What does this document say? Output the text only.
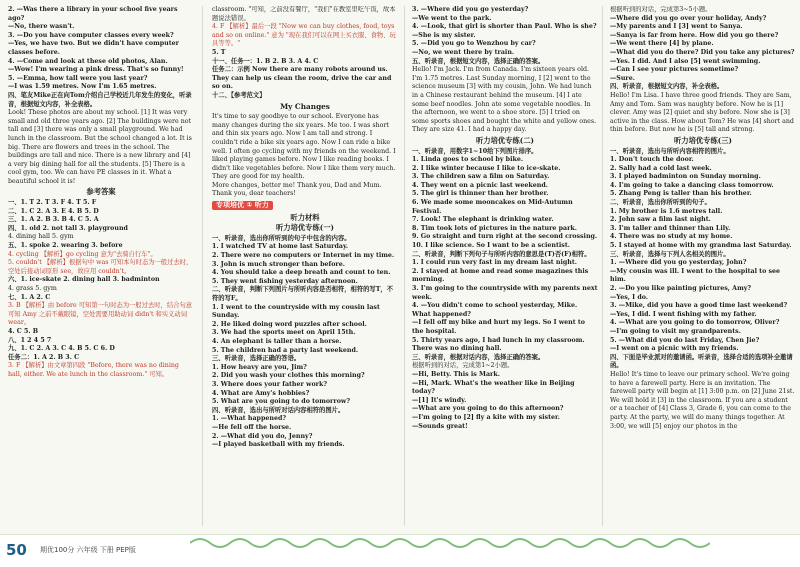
2. —Was there a library in your school five years ago?
—No, there wasn't.
3. —Do you have computer classes every week?
—Yes, we have two. But we didn't have computer classes before.
4. —Come and look at these old photos, Alan.
—Wow! I'm wearing a pink dress. That's so funny!
5. —Emma, how tall were you last year?
—I was 1.59 metres. Now I'm 1.65 metres.
四、笔友Mike正在向Tom介绍自己学校近几年发生的变化，听录音，根据短文内容，补全表格。
Look! These photos are about my school. [1] It was very small and old three years ago. [2] The buildings were not tall and [3] there was only a small playground. We had lunch in the classroom. But the school changed a lot. It is big. There are flowers and trees in the school. The buildings are tall and nice. There is a new library and [4] a very big dining hall for all the students. [5] There is a cool gym, too. We can have PE classes in it. What a beautiful school it is!
参考答案
一、1. T 2. T 3. F 4. T 5. F
二、1. C 2. A 3. E 4. B 5. D
三、1. A 2. B 3. B 4. C 5. A
四、1. old 2. not tall 3. playground
4. dining hall 5. gym
五、1. spoke 2. wearing 3. before
4. cycling 【解析】go cycling 意为"去骑自行车"。
5. couldn't 【解析】根据句中 was 可知本句时态为一般过去时，空处后接动词原形 see，故应用 couldn't。
六、1. ice-skate 2. dining hall 3. badminton
4. grass 5. gym
七、1. A 2. C
3. B 【解析】由 before 可知第一句时态为一般过去时，结合句意可知 Amy 之前不戴眼镜，空处需要用助动词 didn't 和实义动词 wear。
4. C 5. B
八、1 2 4 5 7
九、1. C 2. A 3. C 4. B 5. C 6. D
任务二：1. A 2. B 3. C
3. F 【解析】由文章第四段 "Before, there was no dining hall, either. We ate lunch in the classroom." 可知。
classroom. "可知，之前没有餐厅，"我们"在教室里吃午饭，故本题说法错误。
4. F 【解析】最后一段 "Now we can buy clothes, food, toys and so on online." 意为 "现在我们可以在网上买衣服、食物、玩具等等。"
5. T
十一、任务一：1. B 2. B 3. A 4. C
任务二：示例 Now there are many robots around us. They can help us clean the room, drive the car and so on.
十二、【参考范文】
My Changes
It's time to say goodbye to our school. Everyone has many changes during the six years. Me too. I was short and thin six years ago. Now I am tall and strong. I couldn't ride a bike six years ago. Now I can ride a bike well. I often go cycling with my friends on the weekend. I liked playing games before. Now I like reading books. I didn't like vegetables before. Now I like them very much. They are good for my health.
More changes, better me! Thank you, Dad and Mum. Thank you, dear teachers!
专项培优 ① 听力
听力材料
听力培优专练(一)
一、听录音，选出你所听到的句子中包含的内容。
1. I watched TV at home last Saturday.
2. There were no computers or Internet in my time.
3. John is much stronger than before.
4. You should take a deep breath and count to ten.
5. They went fishing yesterday afternoon.
二、听录音，判断下列图片与所听内容是否相符，相符的写T，不符的写F。
1. I went to the countryside with my cousin last Sunday.
2. He liked doing word puzzles after school.
3. We had the sports meet on April 15th.
4. An elephant is taller than a horse.
5. The children had a party last weekend.
三、听录音，选择正确的答语。
1. How heavy are you, Jim?
2. Did you wash your clothes this morning?
3. Where does your father work?
4. What are Amy's hobbies?
5. What are you going to do tomorrow?
四、听录音，选出与所听对话内容相符的图片。
1. —What happened?
—He fell off the horse.
2. —What did you do, Jenny?
—I played basketball with my friends.
3. —Where did you go yesterday?
—We went to the park.
4. —Look, that girl is shorter than Paul. Who is she?
—She is my sister.
5. —Did you go to Wenzhou by car?
—No, we went there by train.
五、听录音，根据短文内容，选择正确的答案。
Hello! I'm Jack. I'm from Canada. I'm sixteen years old. I'm 1.75 metres. Last Sunday morning, I [2] went to the science museum [3] with my cousin, John. We had lunch in a Chinese restaurant behind the museum. [4] I ate some beef noodles. John ate some vegetable noodles. In the afternoon, we went to a shoe store. [5] I tried on some sports shoes and bought the white and yellow ones. They are size 41. I had a happy day.
听力培优专练(二)
一、听录音，用数字1~10给下列图片排序。
1. Linda goes to school by bike.
2. I like winter because I like to ice-skate.
3. The children saw a film on Saturday.
4. They went on a picnic last weekend.
5. The girl is thinner than her brother.
6. We made some mooncakes on Mid-Autumn Festival.
7. Look! The elephant is drinking water.
8. Tim took lots of pictures in the nature park.
9. Go straight and turn right at the second crossing.
10. I like science. So I want to be a scientist.
二、听录音，判断下列句子与所听内容的意思是(T)否(F)相符。
1. I could run very fast in my dream last night.
2. I stayed at home and read some magazines this morning.
3. I'm going to the countryside with my parents next week.
4. —You didn't come to school yesterday, Mike. What happened?
—I fell off my bike and hurt my legs. So I went to the hospital.
5. Thirty years ago, I had lunch in my classroom. There was no dining hall.
三、听录音，根据对话内容，选择正确的答案。
根据听到的对话，完成第1~2小题。
—Hi, Betty. This is Mark.
—Hi, Mark. What's the weather like in Beijing today?
—[1] It's windy.
—What are you going to do this afternoon?
—I'm going to [2] fly a kite with my sister.
—Sounds great!
根据听到的对话，完成第3~5小题。
—Where did you go over your holiday, Andy?
—My parents and I [3] went to Sanya.
—Sanya is far from here. How did you go there?
—We went there [4] by plane.
—What did you do there? Did you take any pictures?
—Yes. I did. And I also [5] went swimming.
—Can I see your pictures sometime?
—Sure.
四、听录音，根据短文内容，补全表格。
Hello! I'm Lisa. I have three good friends. They are Sam, Amy and Tom. Sam was naughty before. Now he is [1] clever. Amy was [2] quiet and shy before. Now she is [3] active in the class. How about Tom? He was [4] short and thin before. But now he is [5] tall and strong.
听力培优专练(三)
一、听录音，选出与所听内容相符的图片。
1. Don't touch the door.
2. Sally had a cold last week.
3. I played badminton on Sunday morning.
4. I'm going to take a dancing class tomorrow.
5. Zhang Peng is taller than his brother.
二、听录音，选出你所听到的句子。
1. My brother is 1.6 metres tall.
2. John saw a film last night.
3. I'm taller and thinner than Lily.
4. There was no study at my home.
5. I stayed at home with my grandma last Saturday.
三、听录音，选择与下列人名相关的图片。
1. —Where did you go yesterday, John?
—My cousin was ill. I went to the hospital to see him.
2. —Do you like painting pictures, Amy?
—Yes, I do.
3. —Mike, did you have a good time last weekend?
—Yes, I did. I went fishing with my father.
4. —What are you going to do tomorrow, Oliver?
—I'm going to visit my grandparents.
5. —What did you do last Friday, Chen Jie?
—I went on a picnic with my friends.
四、下面是毕业派对的邀请函。听录音，选择合适的选项补全邀请函。
Hello! It's time to leave our primary school. We're going to have a farewell party. Here is an invitation. The farewell party will begin at [1] 3:00 p.m. on [2] June 21st. We will hold it [3] in the classroom. If you are a student or a teacher of [4] Class 3, Grade 6, you can come to the party. At the party, we will do many things together. At 3:00, we will [5] enjoy our photos in the
50 期优100分 六年级 下册 PEP版
